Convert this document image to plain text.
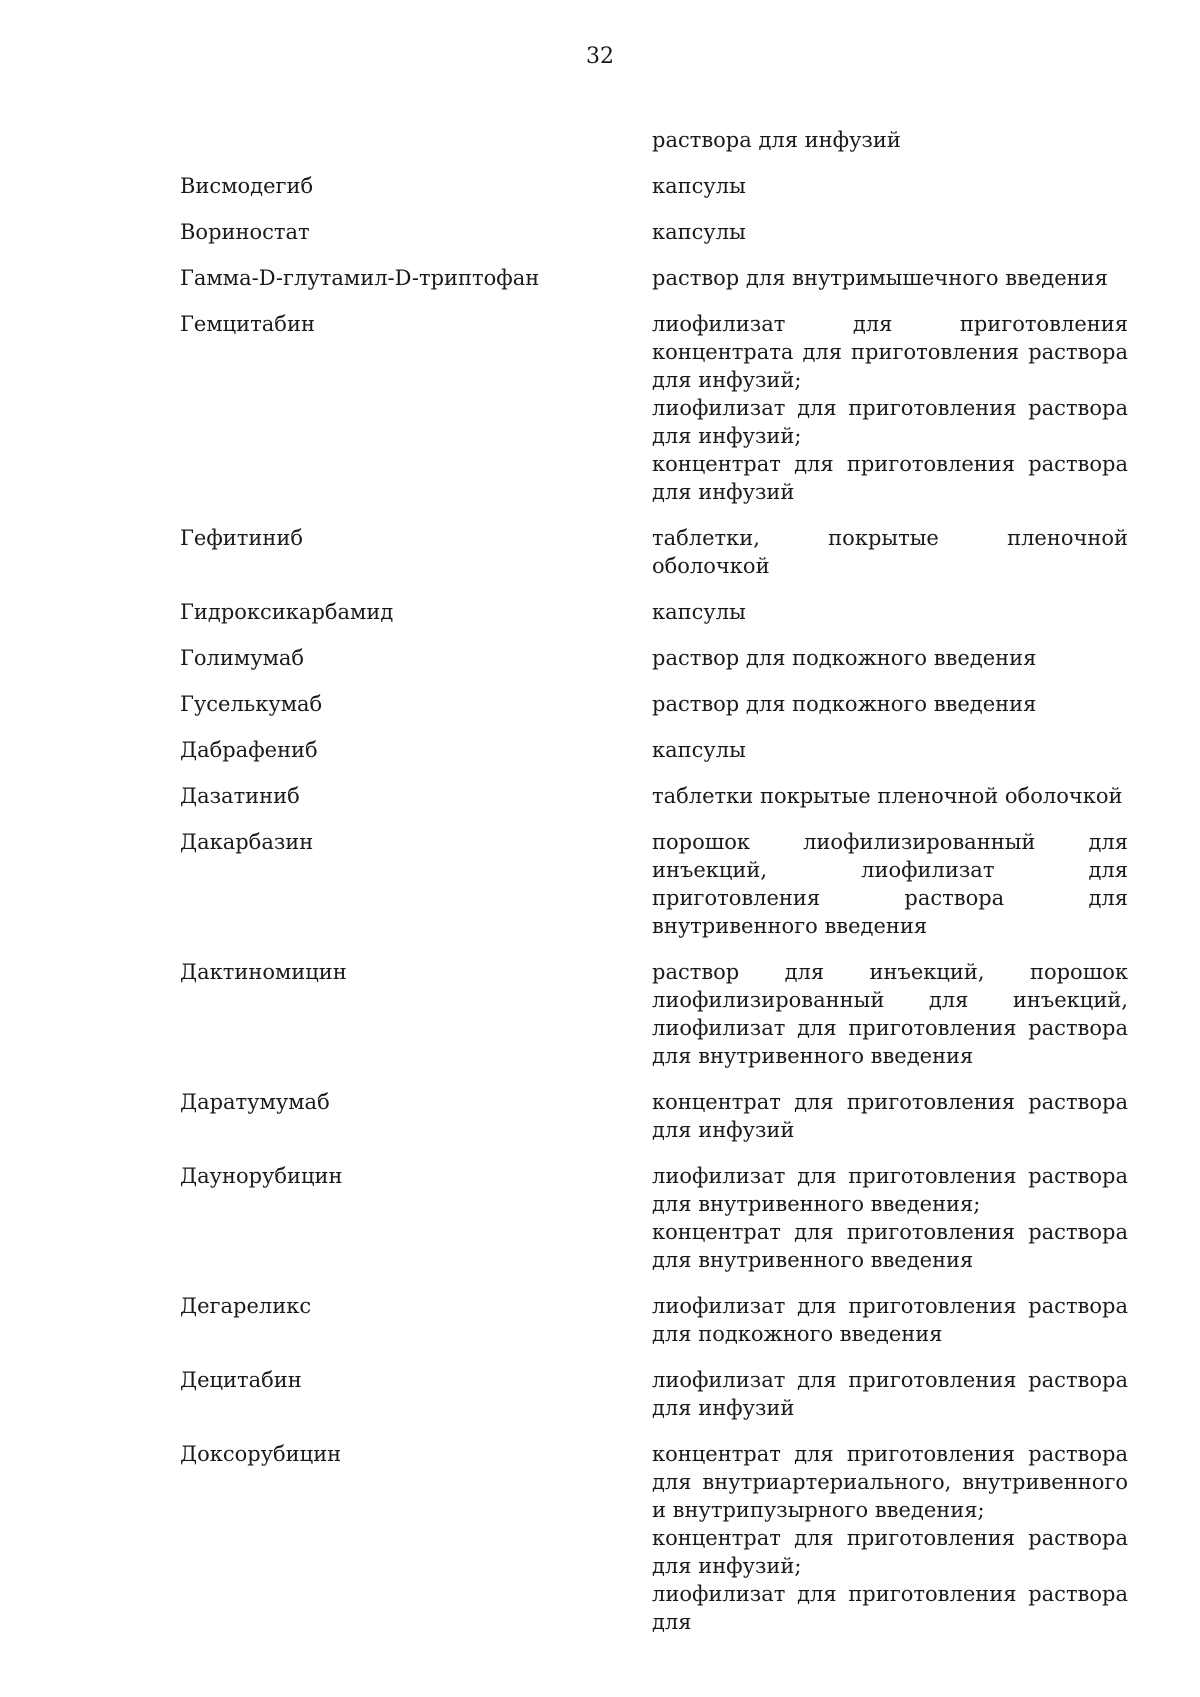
32
раствора для инфузий
Висмодегиб	капсулы
Вориностат	капсулы
Гамма-D-глутамил-D-триптофан	раствор для внутримышечного введения
Гемцитабин	лиофилизат для приготовления концентрата для приготовления раствора для инфузий;
лиофилизат для приготовления раствора для инфузий;
концентрат для приготовления раствора для инфузий
Гефитиниб	таблетки, покрытые пленочной оболочкой
Гидроксикарбамид	капсулы
Голимумаб	раствор для подкожного введения
Гуселькумаб	раствор для подкожного введения
Дабрафениб	капсулы
Дазатиниб	таблетки покрытые пленочной оболочкой
Дакарбазин	порошок лиофилизированный для инъекций, лиофилизат для приготовления раствора для внутривенного введения
Дактиномицин	раствор для инъекций, порошок лиофилизированный для инъекций, лиофилизат для приготовления раствора для внутривенного введения
Даратумумаб	концентрат для приготовления раствора для инфузий
Даунорубицин	лиофилизат для приготовления раствора для внутривенного введения;
концентрат для приготовления раствора для внутривенного введения
Дегареликс	лиофилизат для приготовления раствора для подкожного введения
Децитабин	лиофилизат для приготовления раствора для инфузий
Доксорубицин	концентрат для приготовления раствора для внутриартериального, внутривенного и внутрипузырного введения;
концентрат для приготовления раствора для инфузий;
лиофилизат для приготовления раствора для
